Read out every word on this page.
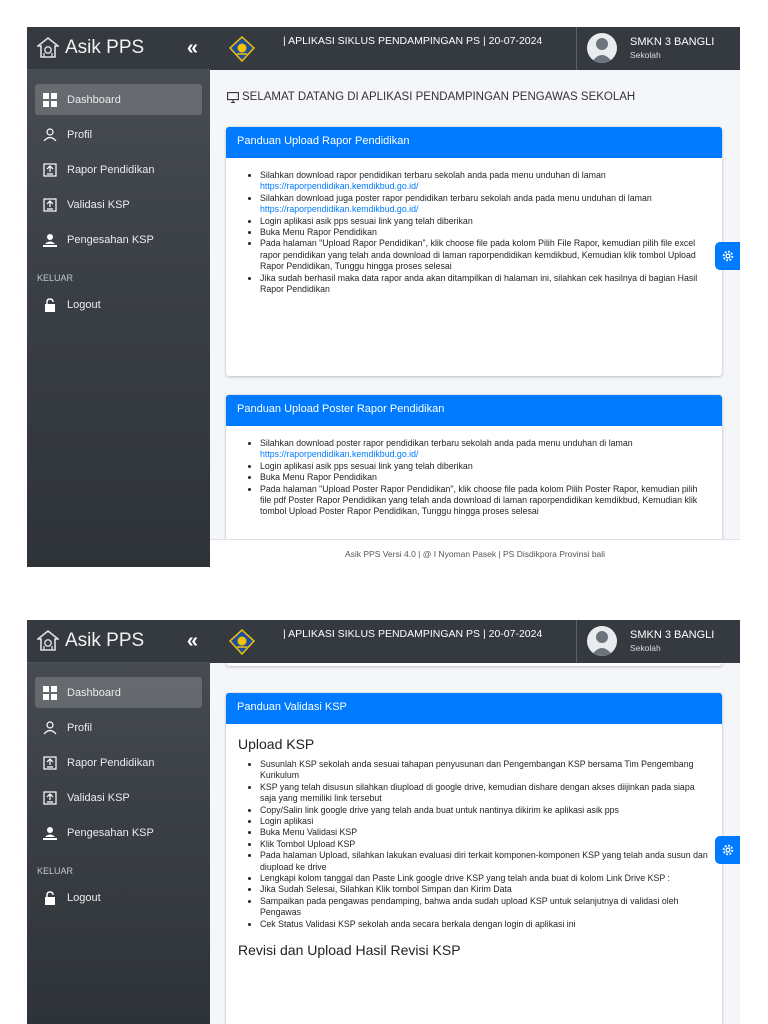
Asik PPS «
Dashboard
Profil
Rapor Pendidikan
Validasi KSP
Pengesahan KSP
KELUAR
Logout
| APLIKASI SIKLUS PENDAMPINGAN PS | 20-07-2024	SMKN 3 BANGLI
Sekolah
SELAMAT DATANG DI APLIKASI PENDAMPINGAN PENGAWAS SEKOLAH
Panduan Upload Rapor Pendidikan
• Silahkan download rapor pendidikan terbaru sekolah anda pada menu unduhan di laman https://raporpendidikan.kemdikbud.go.id/
• Silahkan download juga poster rapor pendidikan terbaru sekolah anda pada menu unduhan di laman https://raporpendidikan.kemdikbud.go.id/
• Login aplikasi asik pps sesuai link yang telah diberikan
• Buka Menu Rapor Pendidikan
• Pada halaman "Upload Rapor Pendidikan", klik choose file pada kolom Pilih File Rapor, kemudian pilih file excel rapor pendidikan yang telah anda download di laman raporpendidikan kemdikbud, Kemudian klik tombol Upload Rapor Pendidikan, Tunggu hingga proses selesai
• Jika sudah berhasil maka data rapor anda akan ditampilkan di halaman ini, silahkan cek hasilnya di bagian Hasil Rapor Pendidikan
Panduan Upload Poster Rapor Pendidikan
• Silahkan download poster rapor pendidikan terbaru sekolah anda pada menu unduhan di laman https://raporpendidikan.kemdikbud.go.id/
• Login aplikasi asik pps sesuai link yang telah diberikan
• Buka Menu Rapor Pendidikan
• Pada halaman "Upload Poster Rapor Pendidikan", klik choose file pada kolom Pilih Poster Rapor, kemudian pilih file pdf Poster Rapor Pendidikan yang telah anda download di laman raporpendidikan kemdikbud, Kemudian klik tombol Upload Poster Rapor Pendidikan, Tunggu hingga proses selesai
Asik PPS Versi 4.0 | @ I Nyoman Pasek | PS Disdikpora Provinsi bali
Asik PPS «
Dashboard
Profil
Rapor Pendidikan
Validasi KSP
Pengesahan KSP
KELUAR
Logout
| APLIKASI SIKLUS PENDAMPINGAN PS | 20-07-2024	SMKN 3 BANGLI
Sekolah
Panduan Validasi KSP
Upload KSP
• Susunlah KSP sekolah anda sesuai tahapan penyusunan dan Pengembangan KSP bersama Tim Pengembang Kurikulum
• KSP yang telah disusun silahkan diupload di google drive, kemudian dishare dengan akses diijinkan pada siapa saja yang memiliki link tersebut
• Copy/Salin link google drive yang telah anda buat untuk nantinya dikirim ke aplikasi asik pps
• Login aplikasi
• Buka Menu Validasi KSP
• Klik Tombol Upload KSP
• Pada halaman Upload, silahkan lakukan evaluasi diri terkait komponen-komponen KSP yang telah anda susun dan diupload ke drive
• Lengkapi kolom tanggal dan Paste Link google drive KSP yang telah anda buat di kolom Link Drive KSP :
• Jika Sudah Selesai, Silahkan Klik tombol Simpan dan Kirim Data
• Sampaikan pada pengawas pendamping, bahwa anda sudah upload KSP untuk selanjutnya di validasi oleh Pengawas
• Cek Status Validasi KSP sekolah anda secara berkala dengan login di aplikasi ini
Revisi dan Upload Hasil Revisi KSP
